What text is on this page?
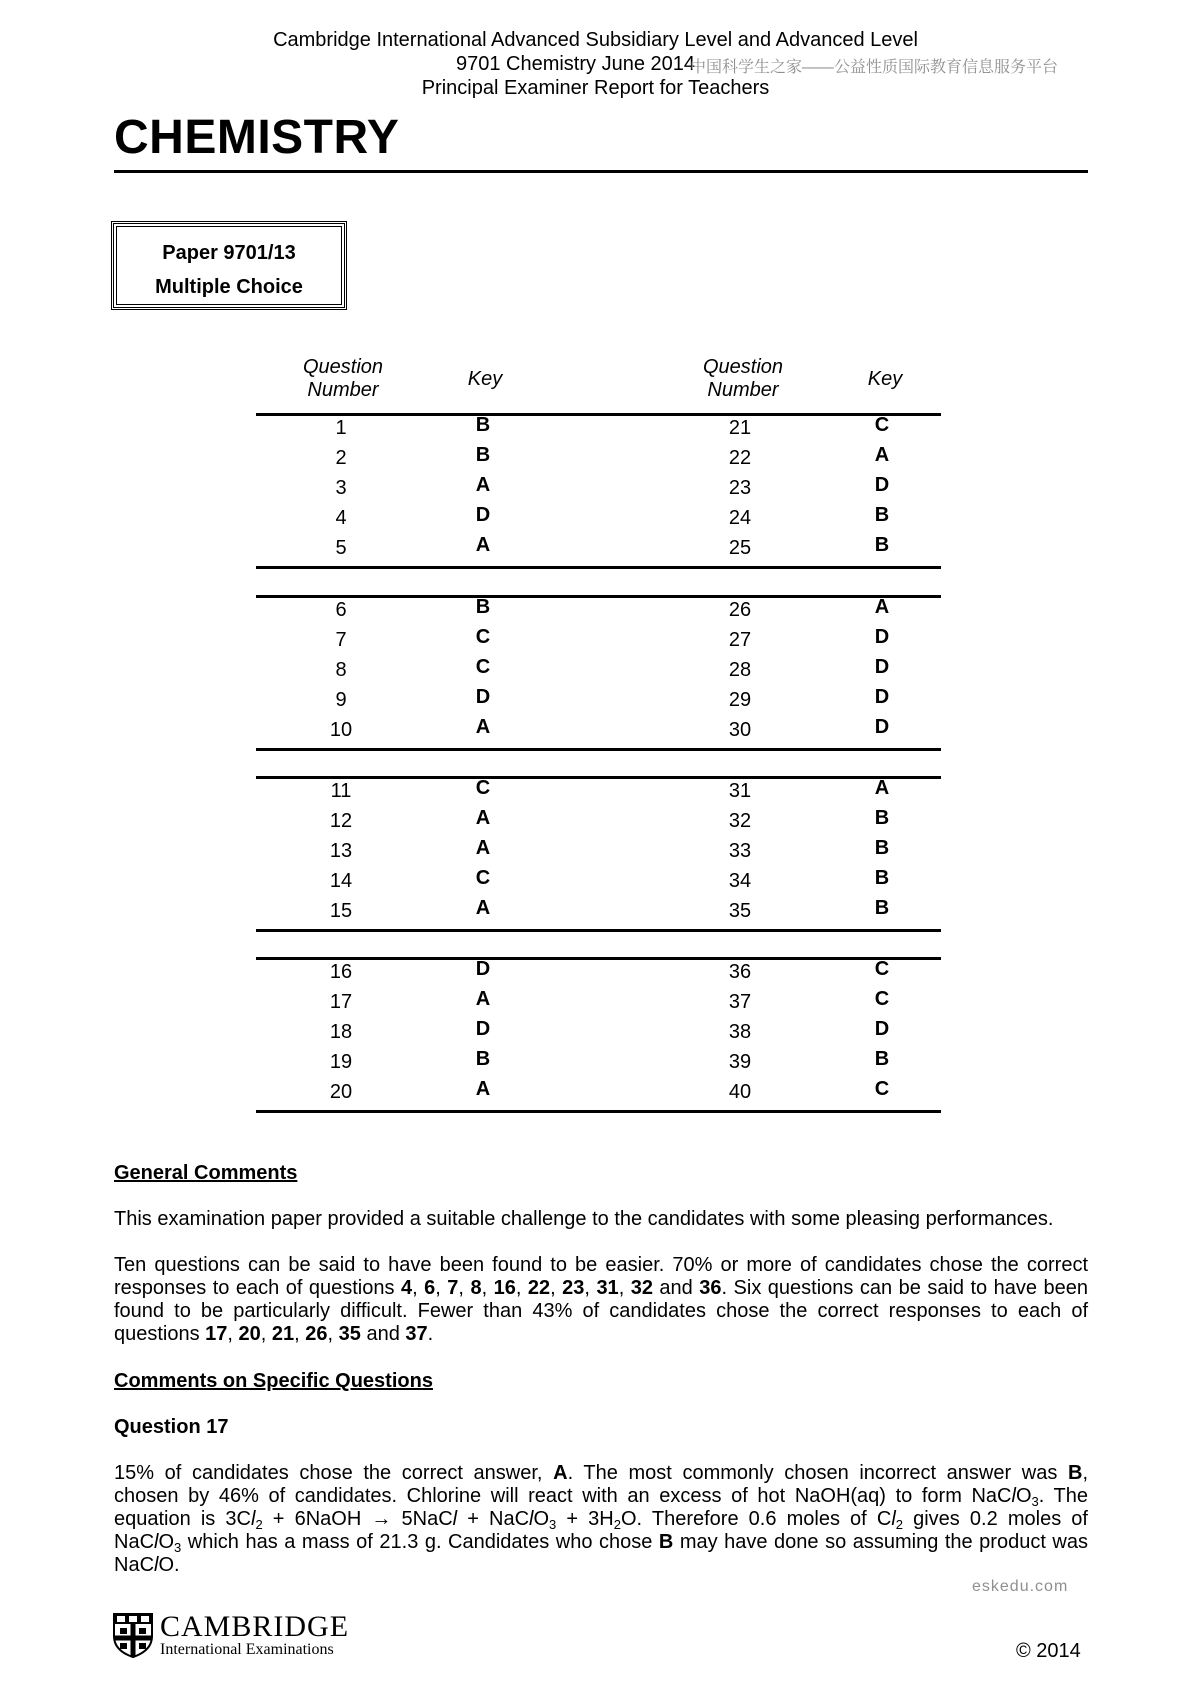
Cambridge International Advanced Subsidiary Level and Advanced Level
9701 Chemistry June 2014
中国科学生之家——公益性质国际教育信息服务平台
Principal Examiner Report for Teachers
CHEMISTRY
Paper 9701/13
Multiple Choice
Question
Number	Key
Question
Number	Key
1	B	21	C
2	B	22	A
3	A	23	D
4	D	24	B
5	A	25	B
6	B	26	A
7	C	27	D
8	C	28	D
9	D	29	D
10	A	30	D
11	C	31	A
12	A	32	B
13	A	33	B
14	C	34	B
15	A	35	B
16	D	36	C
17	A	37	C
18	D	38	D
19	B	39	B
20	A	40	C
General Comments
This examination paper provided a suitable challenge to the candidates with some pleasing performances.
Ten questions can be said to have been found to be easier. 70% or more of candidates chose the correct
responses to each of questions 4, 6, 7, 8, 16, 22, 23, 31, 32 and 36. Six questions can be said to have been
found to be particularly difficult. Fewer than 43% of candidates chose the correct responses to each of
questions 17, 20, 21, 26, 35 and 37.
Comments on Specific Questions
Question 17
15% of candidates chose the correct answer, A. The most commonly chosen incorrect answer was B,
chosen by 46% of candidates. Chlorine will react with an excess of hot NaOH(aq) to form NaClO$_3$. The
equation is $3Cl_2$ + 6NaOH → 5NaCl + NaClO$_3$ + $3H_2O$. Therefore 0.6 moles of $Cl_2$ gives 0.2 moles of
NaClO$_3$ which has a mass of 21.3 g. Candidates who chose B may have done so assuming the product was
NaClO.
eskedu.com
CAMBRIDGE
International Examinations	© 2014
